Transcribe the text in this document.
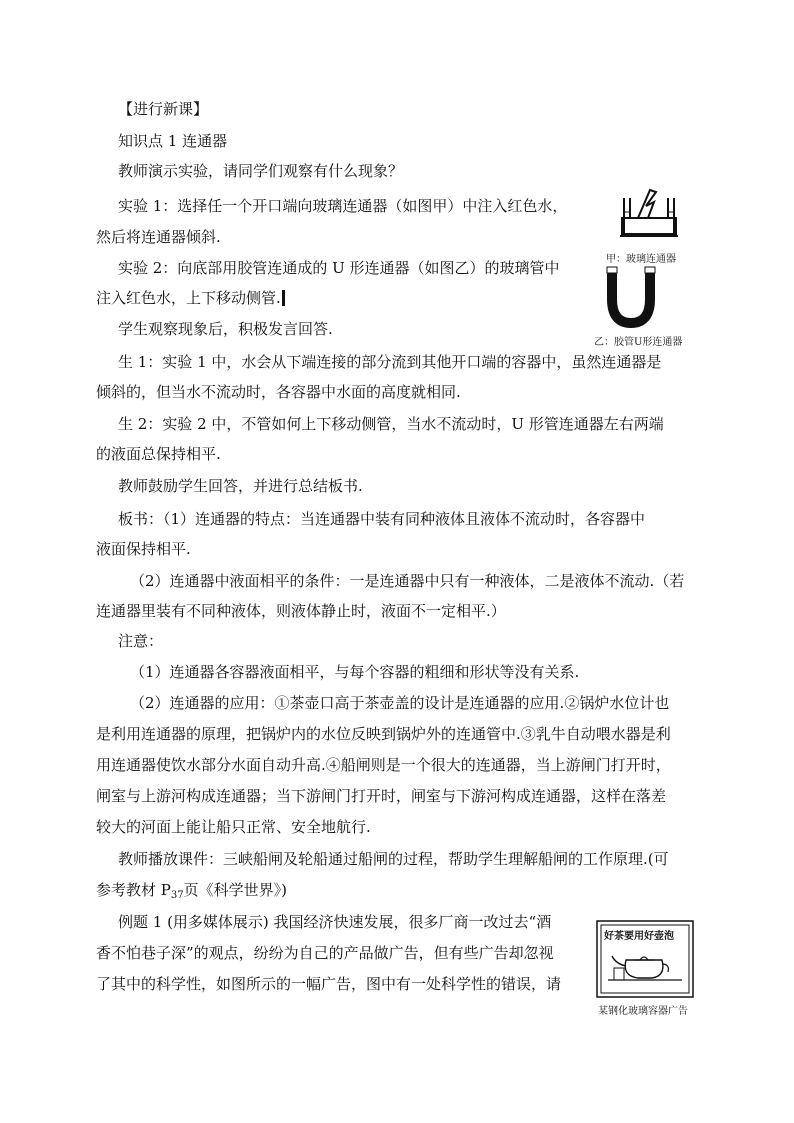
【进行新课】
知识点 1 连通器
教师演示实验，请同学们观察有什么现象？
实验 1：选择任一个开口端向玻璃连通器（如图甲）中注入红色水，
然后将连通器倾斜.
实验 2：向底部用胶管连通成的 U 形连通器（如图乙）的玻璃管中
注入红色水，上下移动侧管.
学生观察现象后，积极发言回答.
生 1：实验 1 中，水会从下端连接的部分流到其他开口端的容器中，虽然连通器是
倾斜的，但当水不流动时，各容器中水面的高度就相同.
生 2：实验 2 中，不管如何上下移动侧管，当水不流动时，U 形管连通器左右两端
的液面总保持相平.
教师鼓励学生回答，并进行总结板书.
板书：（1）连通器的特点：当连通器中装有同种液体且液体不流动时，各容器中
液面保持相平.
（2）连通器中液面相平的条件：一是连通器中只有一种液体，二是液体不流动.（若
连通器里装有不同种液体，则液体静止时，液面不一定相平.）
注意：
（1）连通器各容器液面相平，与每个容器的粗细和形状等没有关系.
（2）连通器的应用：①茶壶口高于茶壶盖的设计是连通器的应用.②锅炉水位计也
是利用连通器的原理，把锅炉内的水位反映到锅炉外的连通管中.③乳牛自动喂水器是利
用连通器使饮水部分水面自动升高.④船闸则是一个很大的连通器，当上游闸门打开时，
闸室与上游河构成连通器；当下游闸门打开时，闸室与下游河构成连通器，这样在落差
较大的河面上能让船只正常、安全地航行.
教师播放课件：三峡船闸及轮船通过船闸的过程，帮助学生理解船闸的工作原理.(可
参考教材 $P_{37}$页《科学世界》)
例题 1 (用多媒体展示) 我国经济快速发展，很多厂商一改过去“酒
香不怕巷子深”的观点，纷纷为自己的产品做广告，但有些广告却忽视
了其中的科学性，如图所示的一幅广告，图中有一处科学性的错误，请
甲：玻璃连通器
乙：胶管U形连通器
好茶要用好壶泡
某钢化玻璃容器广告
